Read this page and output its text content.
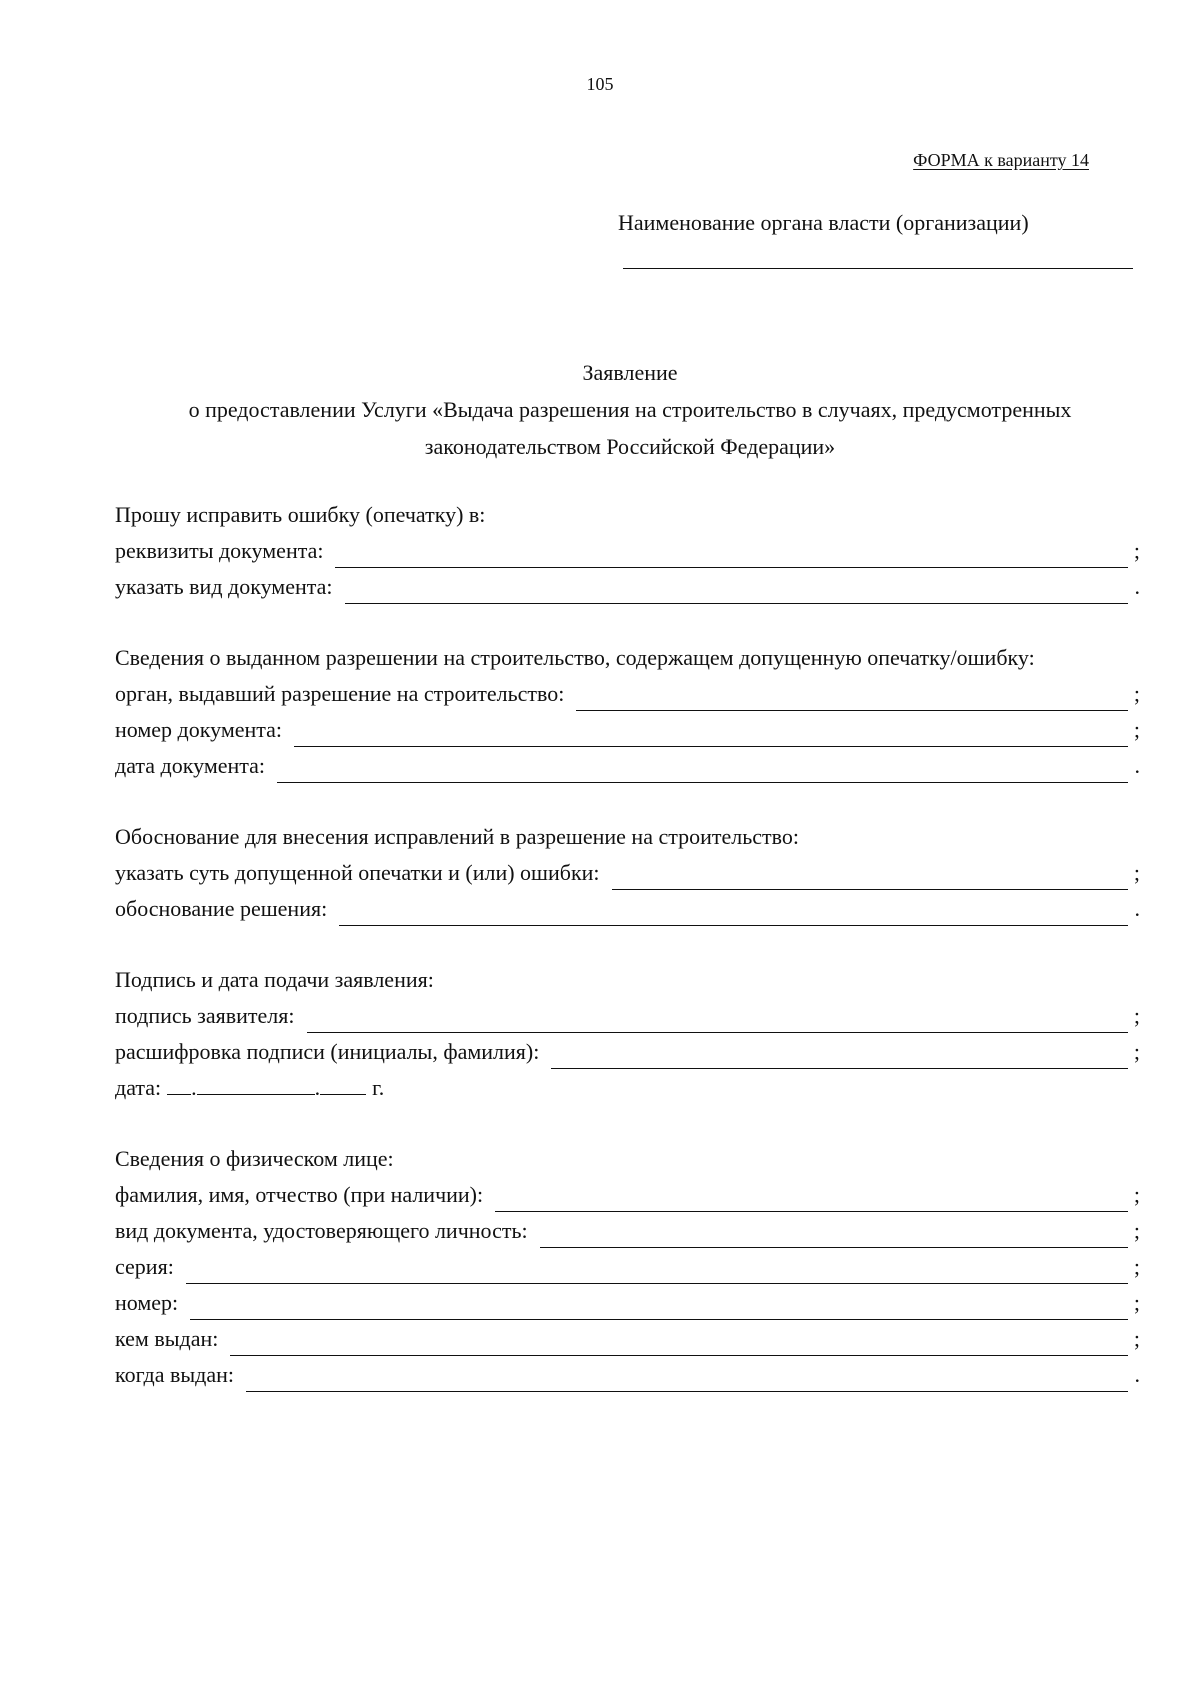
105
ФОРМА к варианту 14
Наименование органа власти (организации)
Заявление
о предоставлении Услуги «Выдача разрешения на строительство в случаях, предусмотренных
законодательством Российской Федерации»
Прошу исправить ошибку (опечатку) в:
реквизиты документа:	;
указать вид документа:	.
Сведения о выданном разрешении на строительство, содержащем допущенную опечатку/ошибку:
орган, выдавший разрешение на строительство:	;
номер документа:	;
дата документа:	.
Обоснование для внесения исправлений в разрешение на строительство:
указать суть допущенной опечатки и (или) ошибки:	;
обоснование решения:	.
Подпись и дата подачи заявления:
подпись заявителя:	;
расшифровка подписи (инициалы, фамилия):	;
дата: .	. г.
Сведения о физическом лице:
фамилия, имя, отчество (при наличии):	;
вид документа, удостоверяющего личность:	;
серия:	;
номер:	;
кем выдан:	;
когда выдан:	.
